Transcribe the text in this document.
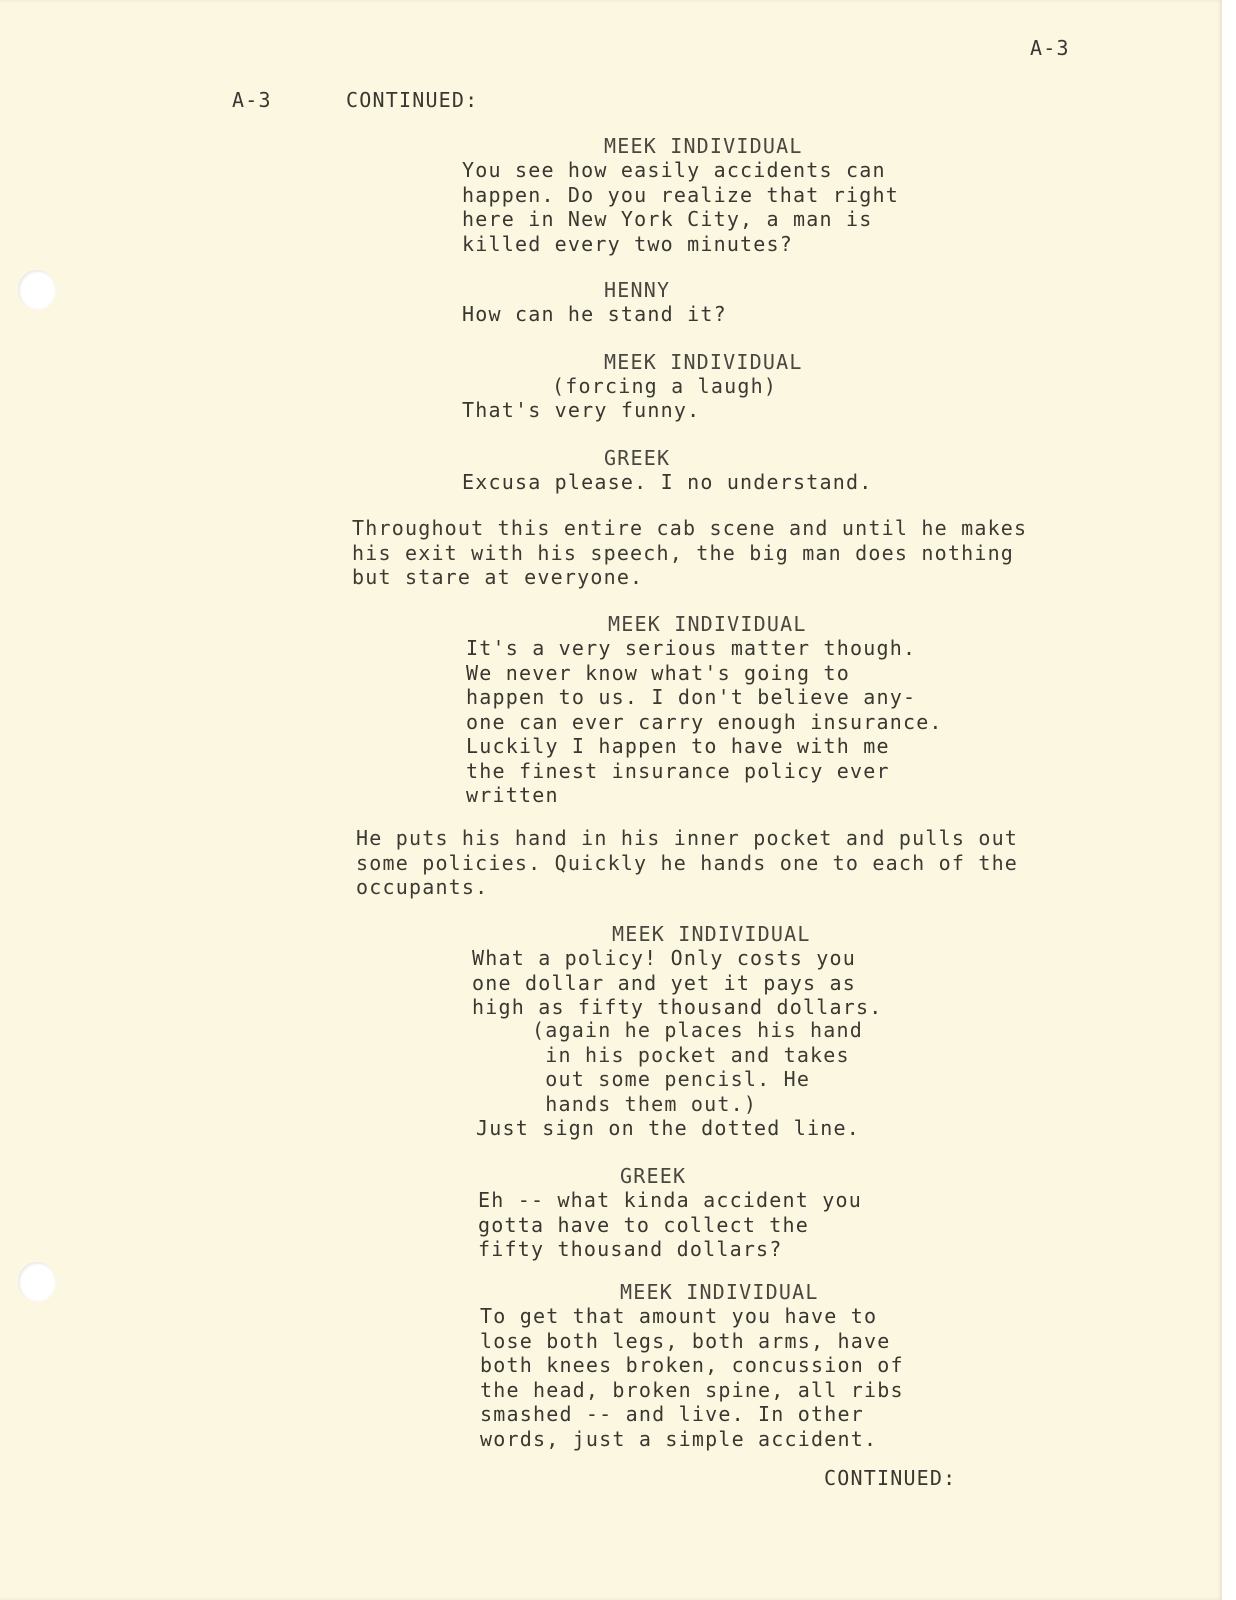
A-3

A-3	CONTINUED:

MEEK INDIVIDUAL

You see how easily accidents can
happen. Do you realize that right
here in New York City, a man is
killed every two minutes?

HENNY

How can he stand it?

MEEK INDIVIDUAL

(forcing a laugh)

That's very funny.

GREEK

Excusa please. I no understand.

Throughout this entire cab scene and until he makes
his exit with his speech, the big man does nothing
but stare at everyone.

MEEK INDIVIDUAL

It's a very serious matter though.
We never know what's going to
happen to us. I don't believe any-
one can ever carry enough insurance.
Luckily I happen to have with me
the finest insurance policy ever
written

He puts his hand in his inner pocket and pulls out
some policies. Quickly he hands one to each of the
occupants.

MEEK INDIVIDUAL

What a policy! Only costs you
one dollar and yet it pays as
high as fifty thousand dollars.

(again he places his hand
in his pocket and takes
out some pencisl. He
hands them out.)

Just sign on the dotted line.

GREEK

Eh -- what kinda accident you
gotta have to collect the
fifty thousand dollars?

MEEK INDIVIDUAL

To get that amount you have to
lose both legs, both arms, have
both knees broken, concussion of
the head, broken spine, all ribs
smashed -- and live. In other
words, just a simple accident.

CONTINUED:
